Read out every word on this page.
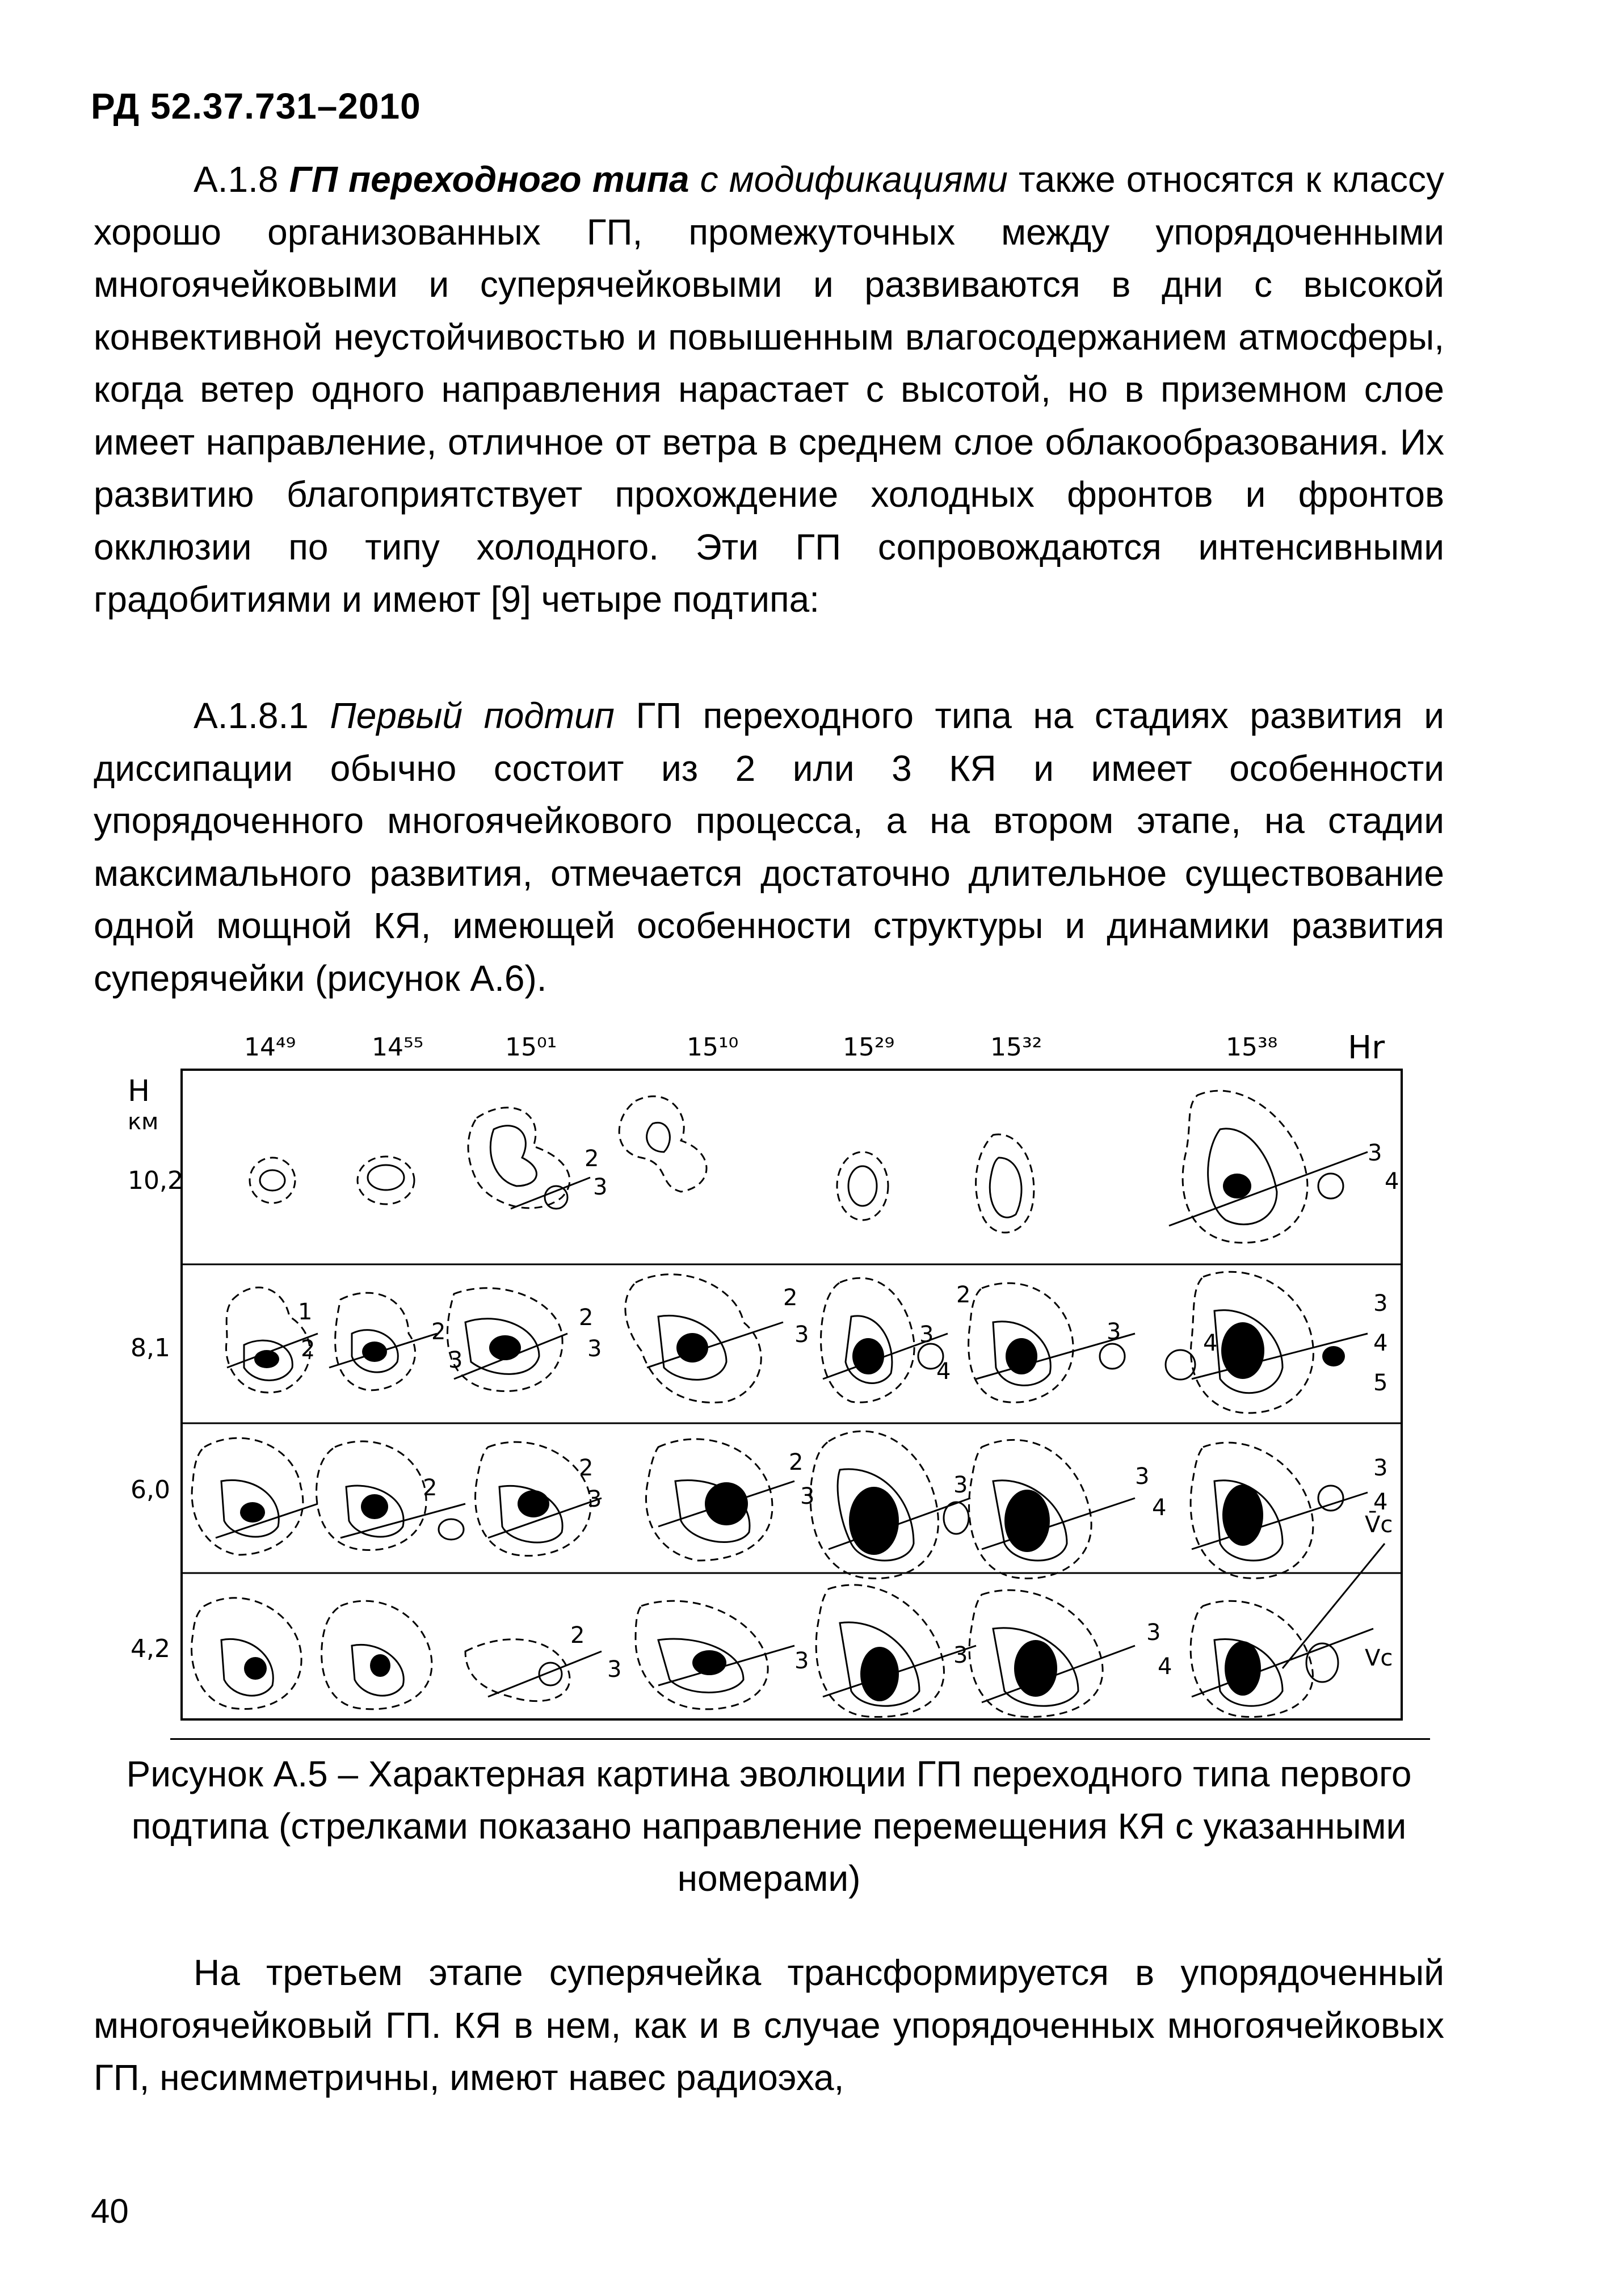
РД 52.37.731–2010

А.1.8 ГП переходного типа с модификациями также относятся к классу хорошо организованных ГП, промежуточных между упорядоченными многоячейковыми и суперячейковыми и развиваются в дни с высокой конвективной неустойчивостью и повышенным влагосодержанием атмосферы, когда ветер одного направления нарастает с высотой, но в приземном слое имеет направление, отличное от ветра в среднем слое облакообразования. Их развитию благоприятствует прохождение холодных фронтов и фронтов окклюзии по типу холодного. Эти ГП сопровождаются интенсивными градобитиями и имеют [9] четыре подтипа:

А.1.8.1 Первый подтип ГП переходного типа на стадиях развития и диссипации обычно состоит из 2 или 3 КЯ и имеет особенности упорядоченного многоячейкового процесса, а на втором этапе, на стадии максимального развития, отмечается достаточно длительное существование одной мощной КЯ, имеющей особенности структуры и динамики развития суперячейки (рисунок А.6).

Н
км
Hr
14⁴⁹	14⁵⁵	15⁰¹	15¹⁰	15²⁹	15³²	15³⁸
10,2
8,1
6,0
4,2
2
3
3
4
1
2
2
3
2
3
2
3
2
3
4
3	4
3
4
5
2
2
3
2
3	3	3
4
3
4
2
3	3	3
3
4
V̄c
Vc
Рисунок А.5 – Характерная картина эволюции ГП переходного типа первого подтипа (стрелками показано направление перемещения КЯ с указанными номерами)

На третьем этапе суперячейка трансформируется в упорядоченный многоячейковый ГП. КЯ в нем, как и в случае упорядоченных многоячейковых ГП, несимметричны, имеют навес радиоэха,

40
